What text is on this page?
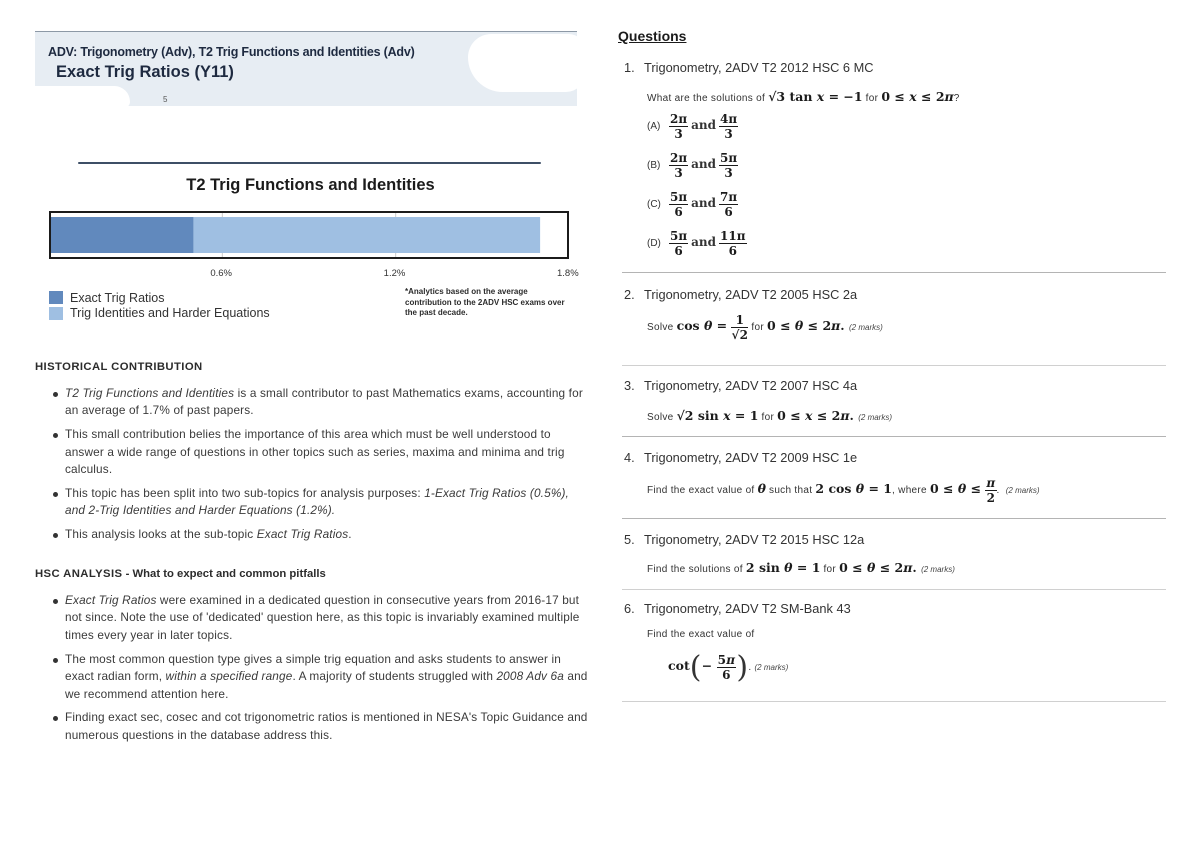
ADV: Trigonometry (Adv), T2 Trig Functions and Identities (Adv)
Exact Trig Ratios (Y11)
5
T2 Trig Functions and Identities
0.6%	1.2%	1.8%
Exact Trig Ratios
Trig Identities and Harder Equations
*Analytics based on the average contribution to the 2ADV HSC exams over the past decade.
HISTORICAL CONTRIBUTION
T2 Trig Functions and Identities is a small contributor to past Mathematics exams, accounting for an average of 1.7% of past papers.
This small contribution belies the importance of this area which must be well understood to answer a wide range of questions in other topics such as series, maxima and minima and trig calculus.
This topic has been split into two sub-topics for analysis purposes: 1-Exact Trig Ratios (0.5%), and 2-Trig Identities and Harder Equations (1.2%).
This analysis looks at the sub-topic Exact Trig Ratios.
HSC ANALYSIS - What to expect and common pitfalls
Exact Trig Ratios were examined in a dedicated question in consecutive years from 2016-17 but not since. Note the use of 'dedicated' question here, as this topic is invariably examined multiple times every year in later topics.
The most common question type gives a simple trig equation and asks students to answer in exact radian form, within a specified range. A majority of students struggled with 2008 Adv 6a and we recommend attention here.
Finding exact sec, cosec and cot trigonometric ratios is mentioned in NESA's Topic Guidance and numerous questions in the database address this.
Questions
1. Trigonometry, 2ADV T2 2012 HSC 6 MC
What are the solutions of √3 tan x = −1 for 0 ≤ x ≤ 2π?
$(A) \frac{2\pi}{3}$ and $\frac{4\pi}{3}$
$(B) \frac{2\pi}{3}$ and $\frac{5\pi}{3}$
$(C) \frac{5\pi}{6}$ and $\frac{7\pi}{6}$
$(D) \frac{5\pi}{6}$ and $\frac{11\pi}{6}$
2. Trigonometry, 2ADV T2 2005 HSC 2a
Solve $\cos \theta = \frac{1}{√2}$ for 0 ≤ θ ≤ 2π. (2 marks)
3. Trigonometry, 2ADV T2 2007 HSC 4a
Solve √2 sin x = 1 for 0 ≤ x ≤ 2π. (2 marks)
4. Trigonometry, 2ADV T2 2009 HSC 1e
Find the exact value of θ such that 2 cos θ = 1, where $0 \le \theta \le \frac{\pi}{2}$ .  (2 marks)
5. Trigonometry, 2ADV T2 2015 HSC 12a
Find the solutions of 2 sin θ = 1 for 0 ≤ θ ≤ 2π. (2 marks)
6. Trigonometry, 2ADV T2 SM-Bank 43
Find the exact value of
$\cot(- \frac{5\pi}{6}$ ). (2 marks)
